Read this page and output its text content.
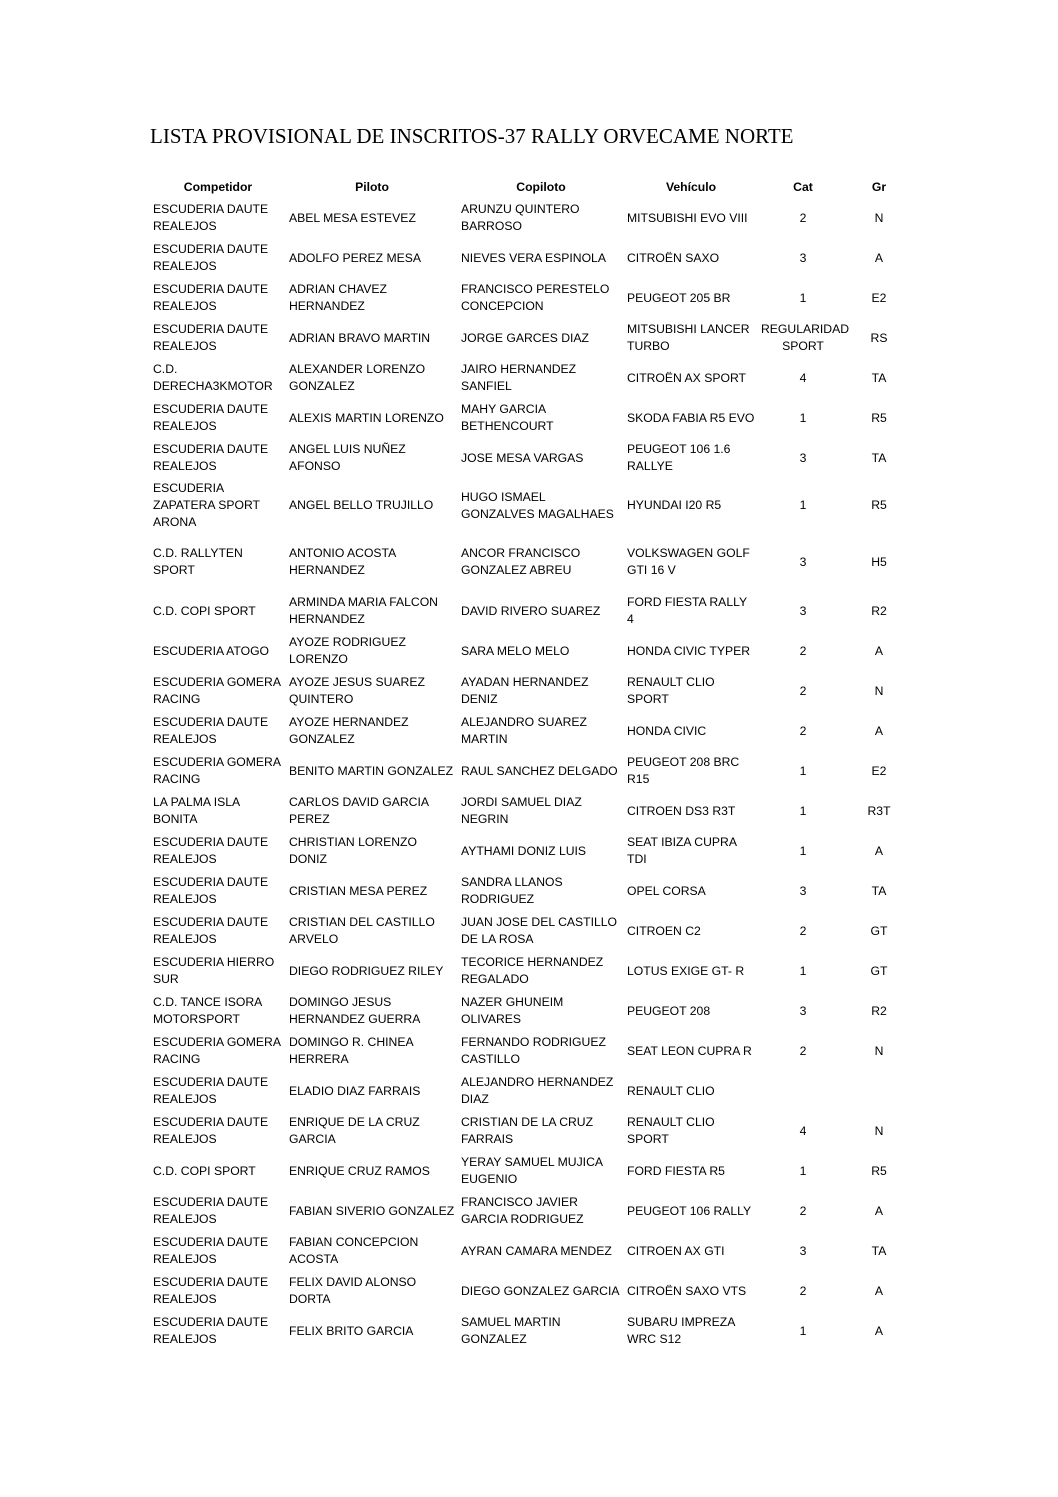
LISTA PROVISIONAL DE INSCRITOS-37 RALLY ORVECAME NORTE
Competidor	Piloto	Copiloto	Vehículo	Cat	Gr
ESCUDERIA DAUTE REALEJOS	ABEL MESA ESTEVEZ	ARUNZU QUINTERO BARROSO	MITSUBISHI EVO VIII	2	N
ESCUDERIA DAUTE REALEJOS	ADOLFO PEREZ MESA	NIEVES VERA ESPINOLA	CITROËN SAXO	3	A
ESCUDERIA DAUTE REALEJOS	ADRIAN CHAVEZ HERNANDEZ	FRANCISCO PERESTELO CONCEPCION	PEUGEOT 205 BR	1	E2
ESCUDERIA DAUTE REALEJOS	ADRIAN BRAVO MARTIN	JORGE GARCES DIAZ	MITSUBISHI LANCER TURBO	REGULARIDAD SPORT	RS
C.D. DERECHA3KMOTOR	ALEXANDER LORENZO GONZALEZ	JAIRO HERNANDEZ SANFIEL	CITROËN AX SPORT	4	TA
ESCUDERIA DAUTE REALEJOS	ALEXIS MARTIN LORENZO	MAHY GARCIA BETHENCOURT	SKODA FABIA R5 EVO	1	R5
ESCUDERIA DAUTE REALEJOS	ANGEL LUIS NUÑEZ AFONSO	JOSE MESA VARGAS	PEUGEOT 106 1.6 RALLYE	3	TA
ESCUDERIA ZAPATERA SPORT ARONA	ANGEL BELLO TRUJILLO	HUGO ISMAEL GONZALVES MAGALHAES	HYUNDAI I20 R5	1	R5
C.D. RALLYTEN SPORT	ANTONIO ACOSTA HERNANDEZ	ANCOR FRANCISCO GONZALEZ ABREU	VOLKSWAGEN GOLF GTI 16 V	3	H5
C.D. COPI SPORT	ARMINDA MARIA FALCON HERNANDEZ	DAVID RIVERO SUAREZ	FORD FIESTA RALLY 4	3	R2
ESCUDERIA ATOGO	AYOZE RODRIGUEZ LORENZO	SARA MELO MELO	HONDA CIVIC TYPER	2	A
ESCUDERIA GOMERA RACING	AYOZE JESUS SUAREZ QUINTERO	AYADAN HERNANDEZ DENIZ	RENAULT CLIO SPORT	2	N
ESCUDERIA DAUTE REALEJOS	AYOZE HERNANDEZ GONZALEZ	ALEJANDRO SUAREZ MARTIN	HONDA CIVIC	2	A
ESCUDERIA GOMERA RACING	BENITO MARTIN GONZALEZ	RAUL SANCHEZ DELGADO	PEUGEOT 208 BRC R15	1	E2
LA PALMA ISLA BONITA	CARLOS DAVID GARCIA PEREZ	JORDI SAMUEL DIAZ NEGRIN	CITROEN DS3 R3T	1	R3T
ESCUDERIA DAUTE REALEJOS	CHRISTIAN LORENZO DONIZ	AYTHAMI DONIZ LUIS	SEAT IBIZA CUPRA TDI	1	A
ESCUDERIA DAUTE REALEJOS	CRISTIAN MESA PEREZ	SANDRA LLANOS RODRIGUEZ	OPEL CORSA	3	TA
ESCUDERIA DAUTE REALEJOS	CRISTIAN DEL CASTILLO ARVELO	JUAN JOSE DEL CASTILLO DE LA ROSA	CITROEN C2	2	GT
ESCUDERIA HIERRO SUR	DIEGO RODRIGUEZ RILEY	TECORICE HERNANDEZ REGALADO	LOTUS EXIGE GT- R	1	GT
C.D. TANCE ISORA MOTORSPORT	DOMINGO JESUS HERNANDEZ GUERRA	NAZER GHUNEIM OLIVARES	PEUGEOT 208	3	R2
ESCUDERIA GOMERA RACING	DOMINGO R. CHINEA HERRERA	FERNANDO RODRIGUEZ CASTILLO	SEAT LEON CUPRA R	2	N
ESCUDERIA DAUTE REALEJOS	ELADIO DIAZ FARRAIS	ALEJANDRO HERNANDEZ DIAZ	RENAULT CLIO		
ESCUDERIA DAUTE REALEJOS	ENRIQUE DE LA CRUZ GARCIA	CRISTIAN DE LA CRUZ FARRAIS	RENAULT CLIO SPORT	4	N
C.D. COPI SPORT	ENRIQUE CRUZ RAMOS	YERAY SAMUEL MUJICA EUGENIO	FORD FIESTA R5	1	R5
ESCUDERIA DAUTE REALEJOS	FABIAN SIVERIO GONZALEZ	FRANCISCO JAVIER GARCIA RODRIGUEZ	PEUGEOT 106 RALLY	2	A
ESCUDERIA DAUTE REALEJOS	FABIAN CONCEPCION ACOSTA	AYRAN CAMARA MENDEZ	CITROEN AX GTI	3	TA
ESCUDERIA DAUTE REALEJOS	FELIX DAVID ALONSO DORTA	DIEGO GONZALEZ GARCIA	CITROËN SAXO VTS	2	A
ESCUDERIA DAUTE REALEJOS	FELIX BRITO GARCIA	SAMUEL MARTIN GONZALEZ	SUBARU IMPREZA WRC S12	1	A
